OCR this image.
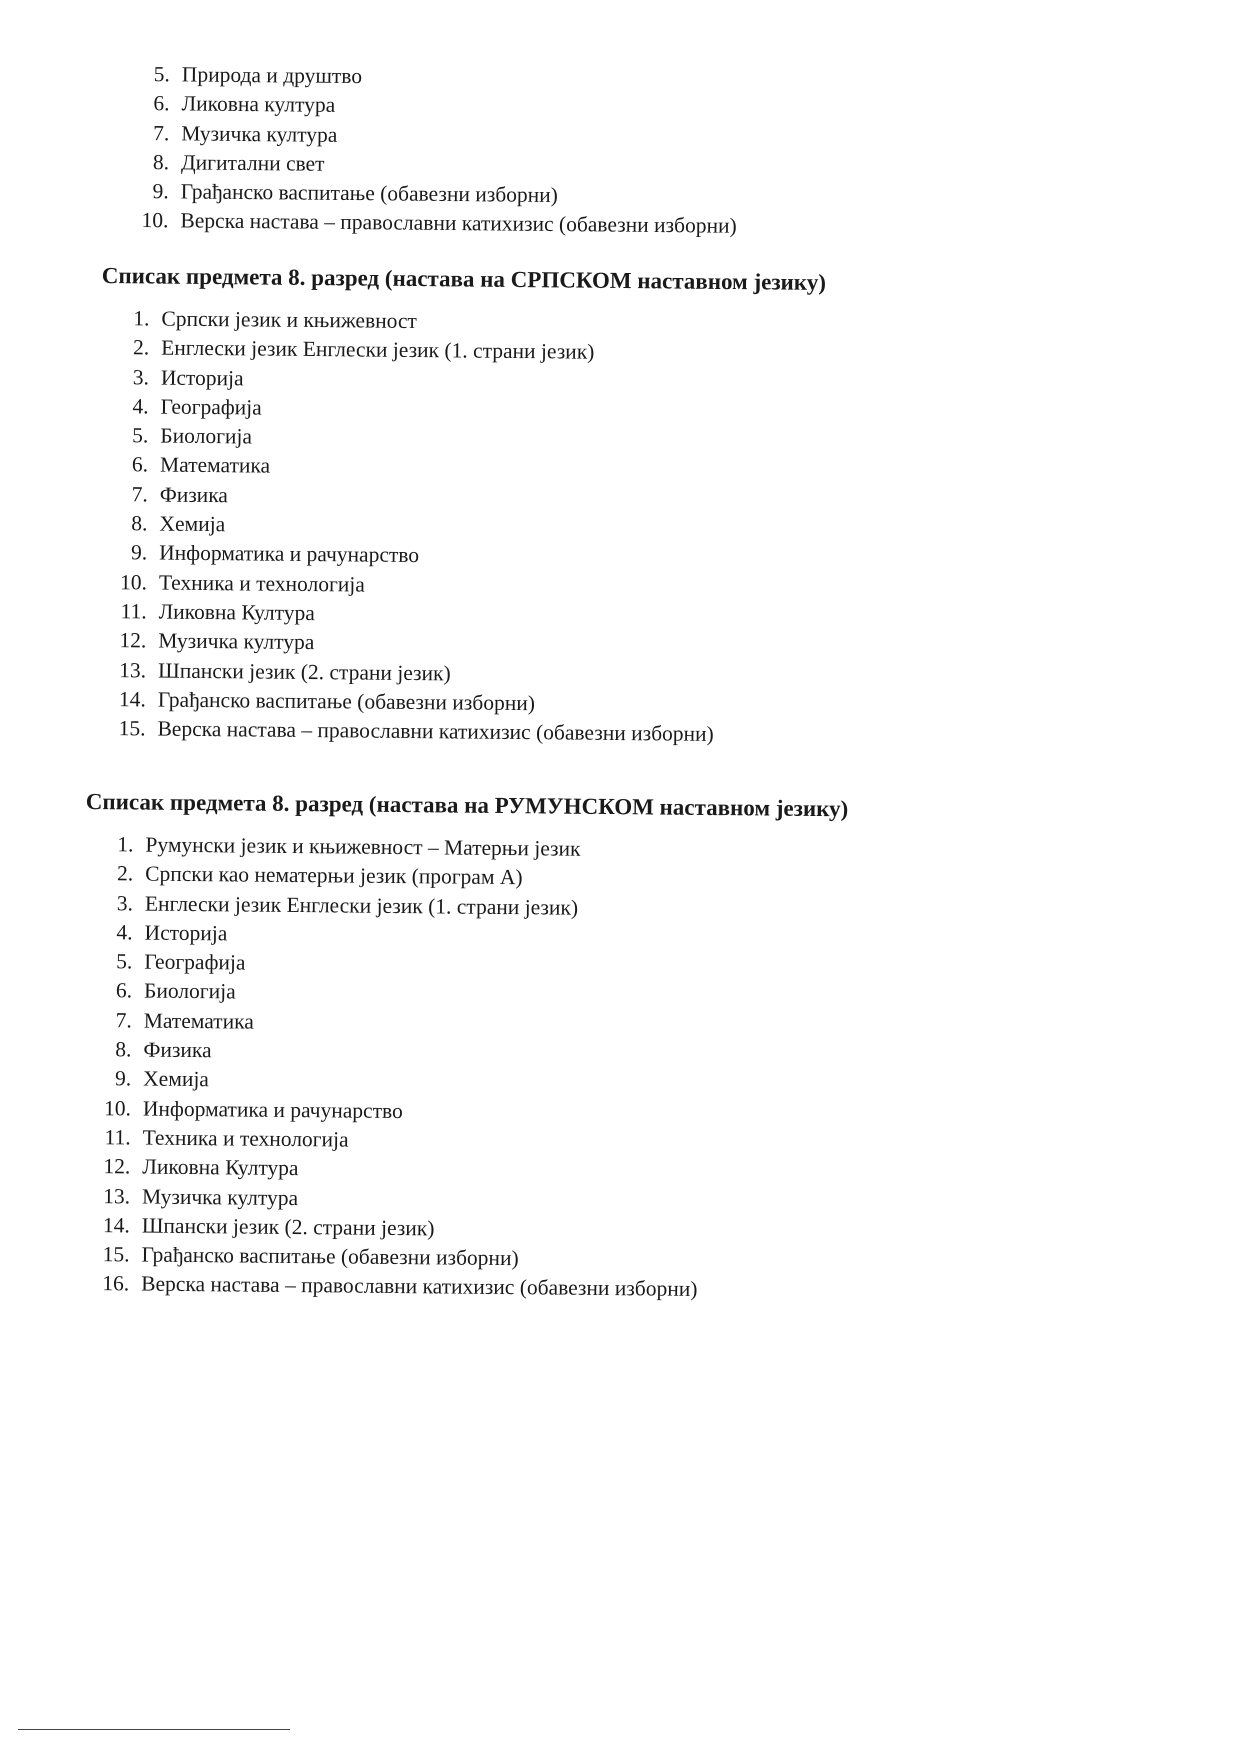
5. Природа и друштво
6. Ликовна култура
7. Музичка култура
8. Дигитални свет
9. Грађанско васпитање (обавезни изборни)
10. Верска настава – православни катихизис (обавезни изборни)
Списак предмета 8. разред (настава на СРПСКОМ наставном језику)
1. Српски језик и књижевност
2. Енглески језик Енглески језик (1. страни језик)
3. Историја
4. Географија
5. Биологија
6. Математика
7. Физика
8. Хемија
9. Информатика и рачунарство
10. Техника и технологија
11. Ликовна Култура
12. Музичка култура
13. Шпански језик (2. страни језик)
14. Грађанско васпитање (обавезни изборни)
15. Верска настава – православни катихизис (обавезни изборни)
Списак предмета 8. разред (настава на РУМУНСКОМ наставном језику)
1. Румунски језик и књижевност – Матерњи језик
2. Српски као нематерњи језик (програм А)
3. Енглески језик Енглески језик (1. страни језик)
4. Историја
5. Географија
6. Биологија
7. Математика
8. Физика
9. Хемија
10. Информатика и рачунарство
11. Техника и технологија
12. Ликовна Култура
13. Музичка култура
14. Шпански језик (2. страни језик)
15. Грађанско васпитање (обавезни изборни)
16. Верска настава – православни катихизис (обавезни изборни)
